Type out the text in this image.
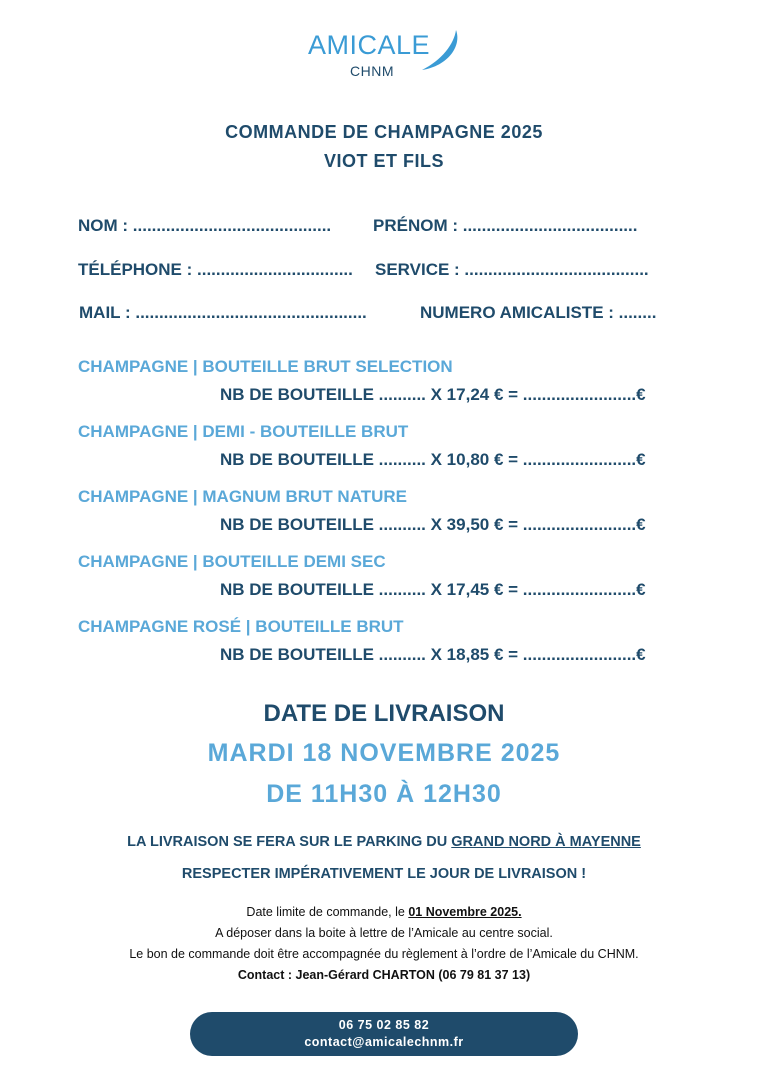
AMICALE
CHNM
COMMANDE DE CHAMPAGNE 2025
VIOT ET FILS
NOM : .......................................... PRÉNOM : .....................................
TÉLÉPHONE : ................................. SERVICE : .......................................
MAIL : .................................................	NUMERO AMICALISTE : ........
CHAMPAGNE | BOUTEILLE BRUT SELECTION
NB DE BOUTEILLE .......... X 17,24 € = ........................€
CHAMPAGNE | DEMI - BOUTEILLE BRUT
NB DE BOUTEILLE .......... X 10,80 € = ........................€
CHAMPAGNE | MAGNUM BRUT NATURE
NB DE BOUTEILLE .......... X 39,50 € = ........................€
CHAMPAGNE | BOUTEILLE DEMI SEC
NB DE BOUTEILLE .......... X 17,45 € = ........................€
CHAMPAGNE ROSÉ | BOUTEILLE BRUT
NB DE BOUTEILLE .......... X 18,85 € = ........................€
DATE DE LIVRAISON
MARDI 18 NOVEMBRE 2025
DE 11H30 À 12H30
LA LIVRAISON SE FERA SUR LE PARKING DU GRAND NORD À MAYENNE
RESPECTER IMPÉRATIVEMENT LE JOUR DE LIVRAISON !
Date limite de commande, le 01 Novembre 2025.
A déposer dans la boite à lettre de l’Amicale au centre social.
Le bon de commande doit être accompagnée du règlement à l’ordre de l’Amicale du CHNM.
Contact : Jean-Gérard CHARTON (06 79 81 37 13)
06 75 02 85 82
contact@amicalechnm.fr
